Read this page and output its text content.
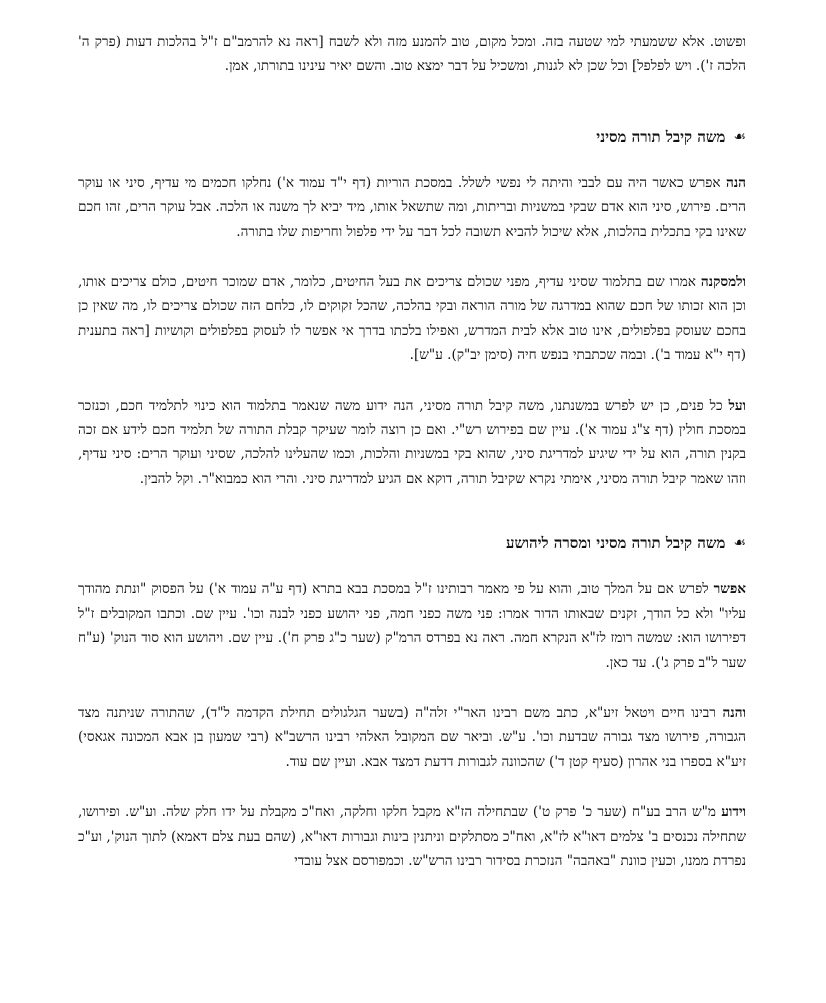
ופשוט. אלא ששמעתי למי שטעה בזה. ומכל מקום, טוב להמנע מזה ולא לשבח [ראה נא להרמב"ם ז"ל בהלכות דעות (פרק ה' הלכה ז'). ויש לפלפל] וכל שכן לא לגנות, ומשכיל על דבר ימצא טוב. והשם יאיר עינינו בתורתו, אמן.

☙
משה קיבל תורה מסיני

הנה אפרש כאשר היה עם לבבי והיתה לי נפשי לשלל. במסכת הוריות (דף י"ד עמוד א') נחלקו חכמים מי עדיף, סיני או עוקר הרים. פירוש, סיני הוא אדם שבקי במשניות ובריתות, ומה שתשאל אותו, מיד יביא לך משנה או הלכה. אבל עוקר הרים, זהו חכם שאינו בקי בתכלית בהלכות, אלא שיכול להביא תשובה לכל דבר על ידי פלפול וחריפות שלו בתורה.

ולמסקנה אמרו שם בתלמוד שסיני עדיף, מפני שכולם צריכים את בעל החיטים, כלומר, אדם שמוכר חיטים, כולם צריכים אותו, וכן הוא זכותו של חכם שהוא במדרגה של מורה הוראה ובקי בהלכה, שהכל זקוקים לו, כלחם הזה שכולם צריכים לו, מה שאין כן בחכם שעוסק בפלפולים, אינו טוב אלא לבית המדרש, ואפילו בלכתו בדרך אי אפשר לו לעסוק בפלפולים וקושיות [ראה בתענית (דף י"א עמוד ב'). ובמה שכתבתי בנפש חיה (סימן יב"ק). ע"ש].

ועל כל פנים, כן יש לפרש במשנתנו, משה קיבל תורה מסיני, הנה ידוע משה שנאמר בתלמוד הוא כינוי לתלמיד חכם, וכנזכר במסכת חולין (דף צ"ג עמוד א'). עיין שם בפירוש רש"י. ואם כן רוצה לומר שעיקר קבלת התורה של תלמיד חכם לידע אם זכה בקנין תורה, הוא על ידי שיגיע למדריגת סיני, שהוא בקי במשניות והלכות, וכמו שהעלינו להלכה, שסיני ועוקר הרים: סיני עדיף, וזהו שאמר קיבל תורה מסיני, אימתי נקרא שקיבל תורה, דוקא אם הגיע למדריגת סיני. והרי הוא כמבוא"ר. וקל להבין.

☙
משה קיבל תורה מסיני ומסרה ליהושע

אפשר לפרש אם על המלך טוב, והוא על פי מאמר רבותינו ז"ל במסכת בבא בתרא (דף ע"ה עמוד א') על הפסוק "ונתת מהודך עליו" ולא כל הודך, זקנים שבאותו הדור אמרו: פני משה כפני חמה, פני יהושע כפני לבנה וכו'. עיין שם. וכתבו המקובלים ז"ל דפירושו הוא: שמשה רומז לז"א הנקרא חמה. ראה נא בפרדס הרמ"ק (שער כ"ג פרק ח'). עיין שם. ויהושע הוא סוד הנוק' (ע"ח שער ל"ב פרק ג'). עד כאן.

והנה רבינו חיים ויטאל זיע"א, כתב משם רבינו האר"י זלה"ה (בשער הגלגולים תחילת הקדמה ל"ד), שהתורה שניתנה מצד הגבורה, פירושו מצד גבורה שבדעת וכו'. ע"ש. וביאר שם המקובל האלהי רבינו הרשב"א (רבי שמעון בן אבא המכונה אגאסי) זיע"א בספרו בני אהרון (סעיף קטן ד') שהכוונה לגבורות דדעת דמצד אבא. ועיין שם עוד.

וידוע מ"ש הרב בע"ח (שער כ' פרק ט') שבתחילה הז"א מקבל חלקו וחלקה, ואח"כ מקבלת על ידו חלק שלה. וע"ש. ופירושו, שתחילה נכנסים ב' צלמים דאו"א לז"א, ואח"כ מסתלקים וניתנין בינות וגבורות דאו"א, (שהם בעת צלם דאמא) לתוך הנוק', וע"כ נפרדת ממנו, וכעין כוונת "באהבה" הנזכרת בסידור רבינו הרש"ש. וכמפורסם אצל עובדי
